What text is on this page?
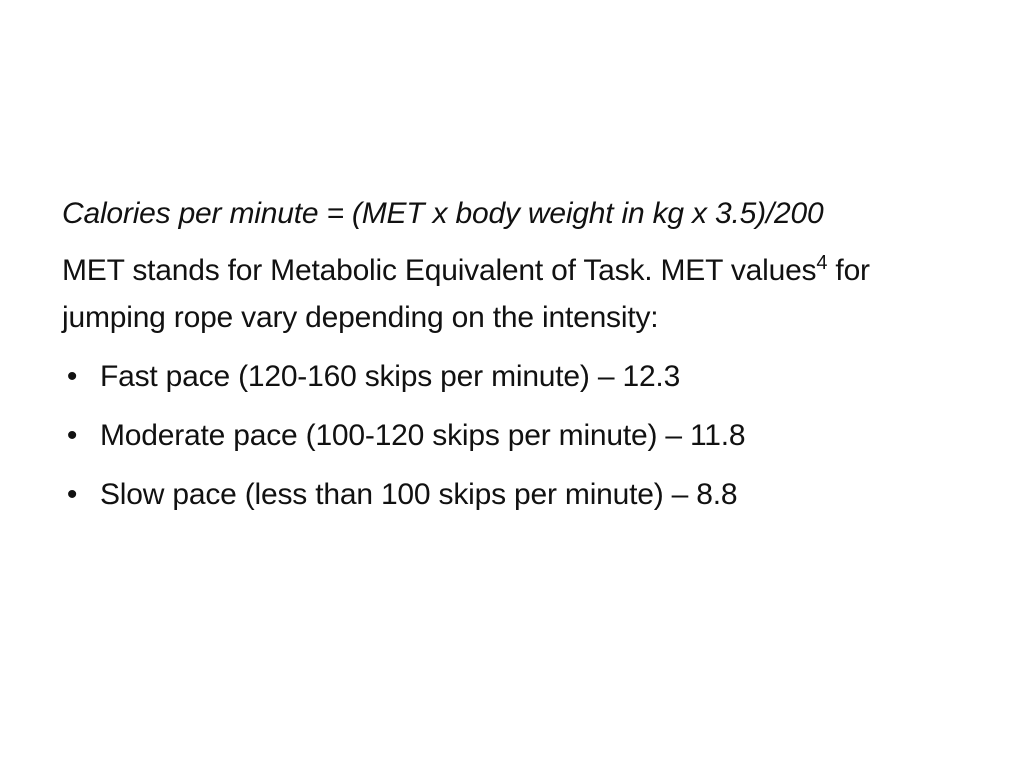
Calories per minute = (MET x body weight in kg x 3.5)/200

MET stands for Metabolic Equivalent of Task. MET values$^4$ for jumping rope vary depending on the intensity:

• Fast pace (120-160 skips per minute) – 12.3
• Moderate pace (100-120 skips per minute) – 11.8
• Slow pace (less than 100 skips per minute) – 8.8
